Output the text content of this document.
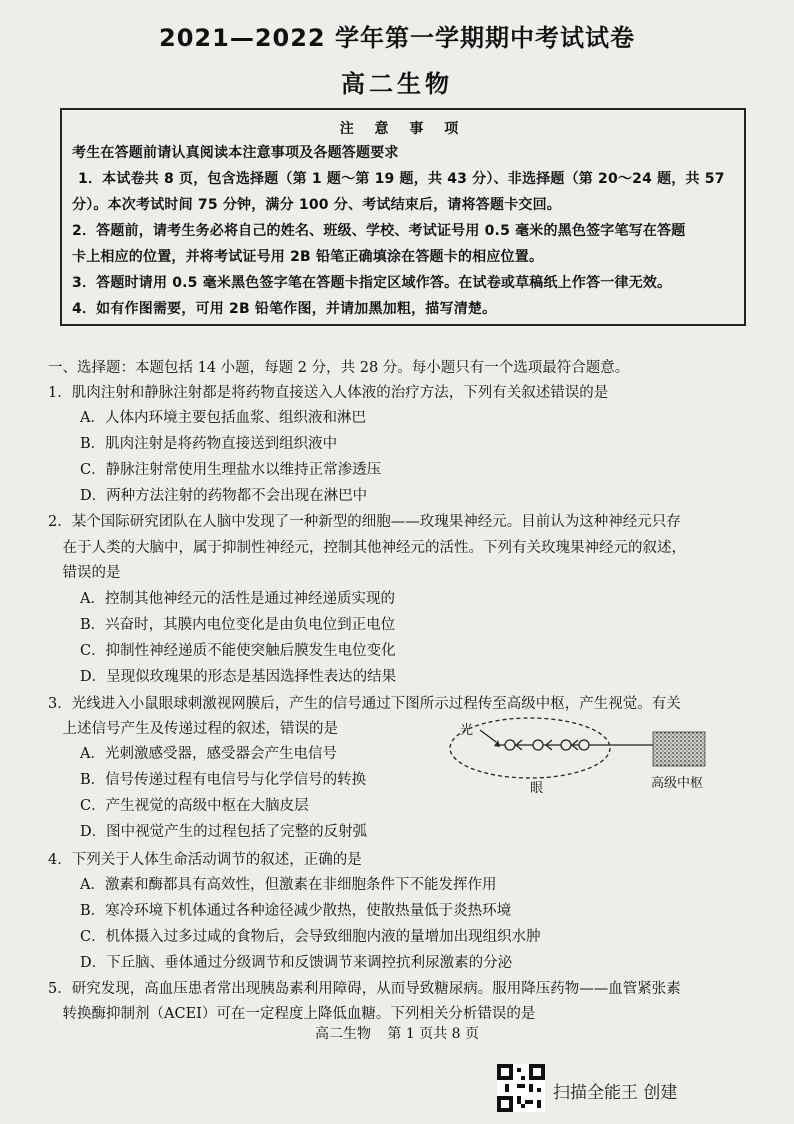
2021—2022 学年第一学期期中考试试卷
高二生物
注 意 事 项
考生在答题前请认真阅读本注意事项及各题答题要求
1．本试卷共 8 页，包含选择题（第 1 题～第 19 题，共 43 分）、非选择题（第 20～24 题，共 57
分）。本次考试时间 75 分钟，满分 100 分、考试结束后，请将答题卡交回。
2．答题前，请考生务必将自己的姓名、班级、学校、考试证号用 0.5 毫米的黑色签字笔写在答题
卡上相应的位置，并将考试证号用 2B 铅笔正确填涂在答题卡的相应位置。
3．答题时请用 0.5 毫米黑色签字笔在答题卡指定区域作答。在试卷或草稿纸上作答一律无效。
4．如有作图需要，可用 2B 铅笔作图，并请加黑加粗，描写清楚。
一、选择题：本题包括 14 小题，每题 2 分，共 28 分。每小题只有一个选项最符合题意。
1．肌肉注射和静脉注射都是将药物直接送入人体液的治疗方法，下列有关叙述错误的是
A．人体内环境主要包括血浆、组织液和淋巴
B．肌肉注射是将药物直接送到组织液中
C．静脉注射常使用生理盐水以维持正常渗透压
D．两种方法注射的药物都不会出现在淋巴中
2．某个国际研究团队在人脑中发现了一种新型的细胞——玫瑰果神经元。目前认为这种神经元只存
　在于人类的大脑中，属于抑制性神经元，控制其他神经元的活性。下列有关玫瑰果神经元的叙述，
　错误的是
A．控制其他神经元的活性是通过神经递质实现的
B．兴奋时，其膜内电位变化是由负电位到正电位
C．抑制性神经递质不能使突触后膜发生电位变化
D．呈现似玫瑰果的形态是基因选择性表达的结果
3．光线进入小鼠眼球刺激视网膜后，产生的信号通过下图所示过程传至高级中枢，产生视觉。有关
　上述信号产生及传递过程的叙述，错误的是
A．光刺激感受器，感受器会产生电信号
B．信号传递过程有电信号与化学信号的转换
C．产生视觉的高级中枢在大脑皮层
D．图中视觉产生的过程包括了完整的反射弧
光
眼	高级中枢
4．下列关于人体生命活动调节的叙述，正确的是
A．激素和酶都具有高效性，但激素在非细胞条件下不能发挥作用
B．寒冷环境下机体通过各种途径减少散热，使散热量低于炎热环境
C．机体摄入过多过咸的食物后，会导致细胞内液的量增加出现组织水肿
D．下丘脑、垂体通过分级调节和反馈调节来调控抗利尿激素的分泌
5．研究发现，高血压患者常出现胰岛素利用障碍，从而导致糖尿病。服用降压药物——血管紧张素
　转换酶抑制剂（ACEI）可在一定程度上降低血糖。下列相关分析错误的是
高二生物 第 1 页共 8 页
扫描全能王 创建
